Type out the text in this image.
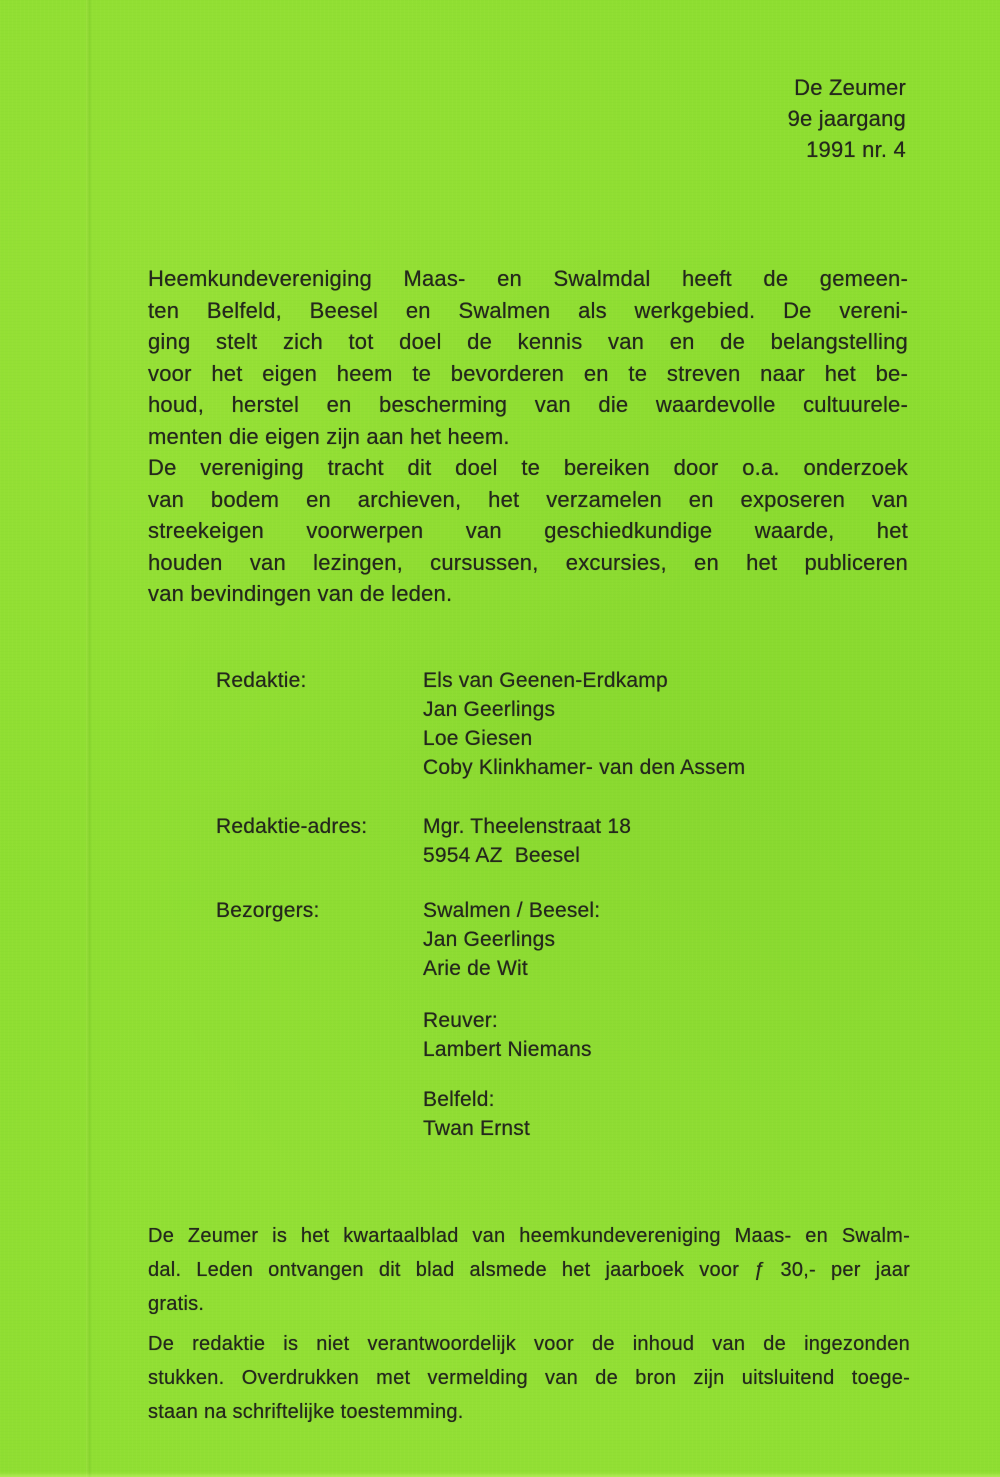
De Zeumer
9e jaargang
1991 nr. 4
Heemkundevereniging Maas- en Swalmdal heeft de gemeen-
ten Belfeld, Beesel en Swalmen als werkgebied. De vereni-
ging stelt zich tot doel de kennis van en de belangstelling
voor het eigen heem te bevorderen en te streven naar het be-
houd, herstel en bescherming van die waardevolle cultuurele-
menten die eigen zijn aan het heem.
De vereniging tracht dit doel te bereiken door o.a. onderzoek
van bodem en archieven, het verzamelen en exposeren van
streekeigen voorwerpen van geschiedkundige waarde, het
houden van lezingen, cursussen, excursies, en het publiceren
van bevindingen van de leden.
Redaktie:	Els van Geenen-Erdkamp
Jan Geerlings
Loe Giesen
Coby Klinkhamer- van den Assem
Redaktie-adres:	Mgr. Theelenstraat 18
5954 AZ  Beesel
Bezorgers:	Swalmen / Beesel:
Jan Geerlings
Arie de Wit
Reuver:
Lambert Niemans
Belfeld:
Twan Ernst
De Zeumer is het kwartaalblad van heemkundevereniging Maas- en Swalm-
dal. Leden ontvangen dit blad alsmede het jaarboek voor ƒ 30,- per jaar
gratis.
De redaktie is niet verantwoordelijk voor de inhoud van de ingezonden
stukken. Overdrukken met vermelding van de bron zijn uitsluitend toege-
staan na schriftelijke toestemming.
